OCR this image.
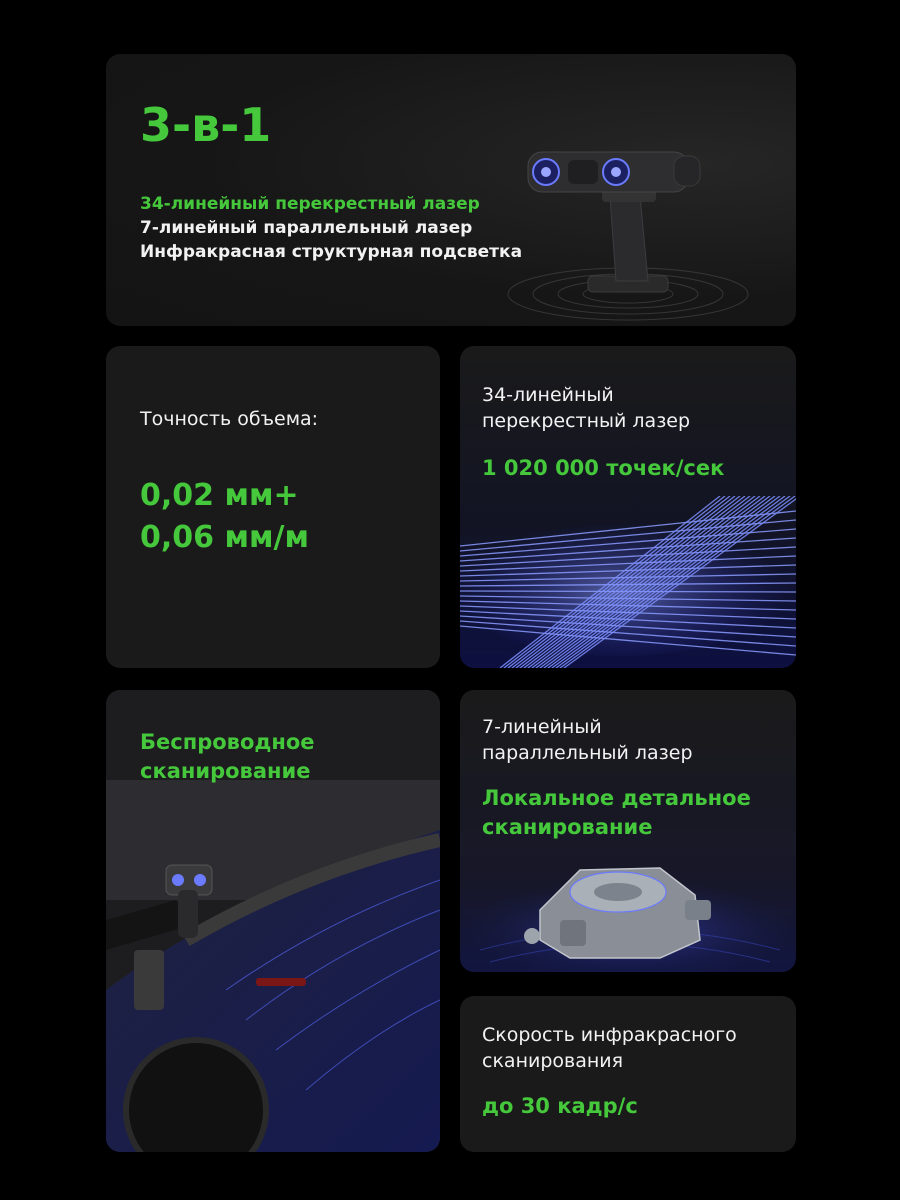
3-в-1
34-линейный перекрестный лазер
7-линейный параллельный лазер
Инфракрасная структурная подсветка
Точность объема:
0,02 мм+
0,06 мм/м
34-линейный
перекрестный лазер
1 020 000 точек/сек
Беспроводное
сканирование
7-линейный
параллельный лазер
Локальное детальное
сканирование
Скорость инфракрасного
сканирования
до 30 кадр/с
